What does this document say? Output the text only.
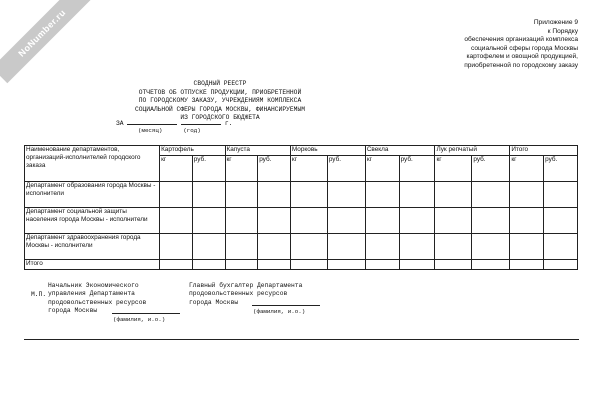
NoNumber.ru	Приложение 9
к Порядку
обеспечения организаций комплекса
социальной сферы города Москвы
картофелем и овощной продукцией,
приобретенной по городскому заказу
СВОДНЫЙ РЕЕСТР
ОТЧЕТОВ ОБ ОТПУСКЕ ПРОДУКЦИИ, ПРИОБРЕТЕННОЙ
ПО ГОРОДСКОМУ ЗАКАЗУ, УЧРЕЖДЕНИЯМ КОМПЛЕКСА
СОЦИАЛЬНОЙ СФЕРЫ ГОРОДА МОСКВЫ, ФИНАНСИРУЕМЫМ
ИЗ ГОРОДСКОГО БЮДЖЕТА
ЗА	г.
(месяц)	(год)
Наименование департаментов, организаций-исполнителей городского заказа	Картофель		Капуста		Морковь		Свекла		Лук репчатый		Итого	
	кг	руб.	кг	руб.	кг	руб.	кг	руб.	кг	руб.	кг	руб.
Департамент образования города Москвы - исполнители												
Департамент социальной защиты населения города Москвы - исполнители												
Департамент здравоохранения города Москвы - исполнители												
Итого												
М.П.
Начальник Экономического
управления Департамента
продовольственных ресурсов
города Москвы
(фамилия, и.о.)
Главный бухгалтер Департамента
продовольственных ресурсов
города Москвы
(фамилия, и.о.)
